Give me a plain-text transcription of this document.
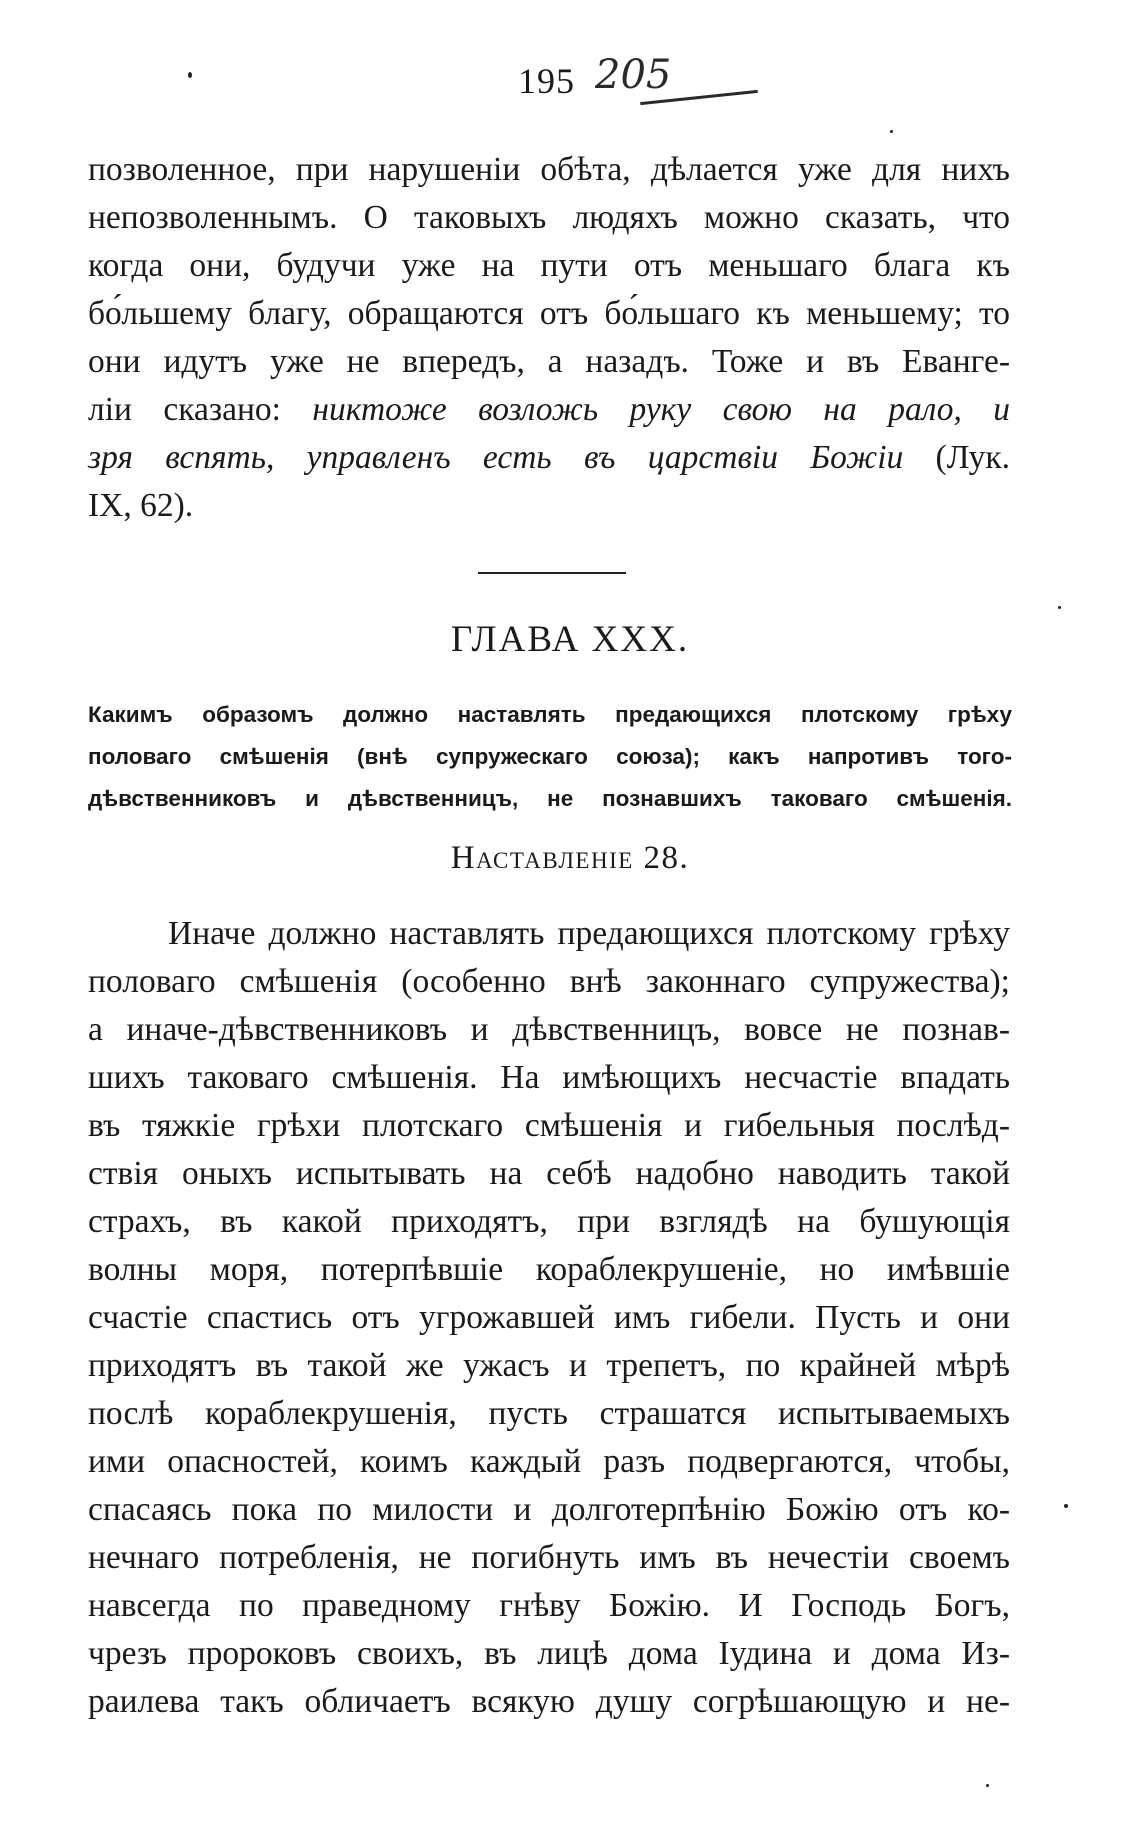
195 205
позволенное, при нарушеніи обѣта, дѣлается уже для нихъ
непозволеннымъ. О таковыхъ людяхъ можно сказать, что
когда они, будучи уже на пути отъ меньшаго блага къ
бо́льшему благу, обращаются отъ бо́льшаго къ меньшему; то
они идутъ уже не впередъ, а назадъ. Тоже и въ Еванге-
ліи сказано: никтоже возложь руку свою на рало, и
зря вспять, управленъ есть въ царствіи Божіи (Лук.
IX, 62).
ГЛАВА XXX.
Какимъ образомъ должно наставлять предающихся плотскому грѣху
половаго смѣшенія (внѣ супружескаго союза); какъ напротивъ того-
дѣвственниковъ и дѣвственницъ, не познавшихъ таковаго смѣшенія.
Наставленіе 28.
Иначе должно наставлять предающихся плотскому грѣху
половаго смѣшенія (особенно внѣ законнаго супружества);
а иначе-дѣвственниковъ и дѣвственницъ, вовсе не познав-
шихъ таковаго смѣшенія. На имѣющихъ несчастіе впадать
въ тяжкіе грѣхи плотскаго смѣшенія и гибельныя послѣд-
ствія оныхъ испытывать на себѣ надобно наводить такой
страхъ, въ какой приходятъ, при взглядѣ на бушующія
волны моря, потерпѣвшіе кораблекрушеніе, но имѣвшіе
счастіе спастись отъ угрожавшей имъ гибели. Пусть и они
приходятъ въ такой же ужасъ и трепетъ, по крайней мѣрѣ
послѣ кораблекрушенія, пусть страшатся испытываемыхъ
ими опасностей, коимъ каждый разъ подвергаются, чтобы,
спасаясь пока по милости и долготерпѣнію Божію отъ ко-
нечнаго потребленія, не погибнуть имъ въ нечестіи своемъ
навсегда по праведному гнѣву Божію. И Господь Богъ,
чрезъ пророковъ своихъ, въ лицѣ дома Іудина и дома Из-
раилева такъ обличаетъ всякую душу согрѣшающую и не-
